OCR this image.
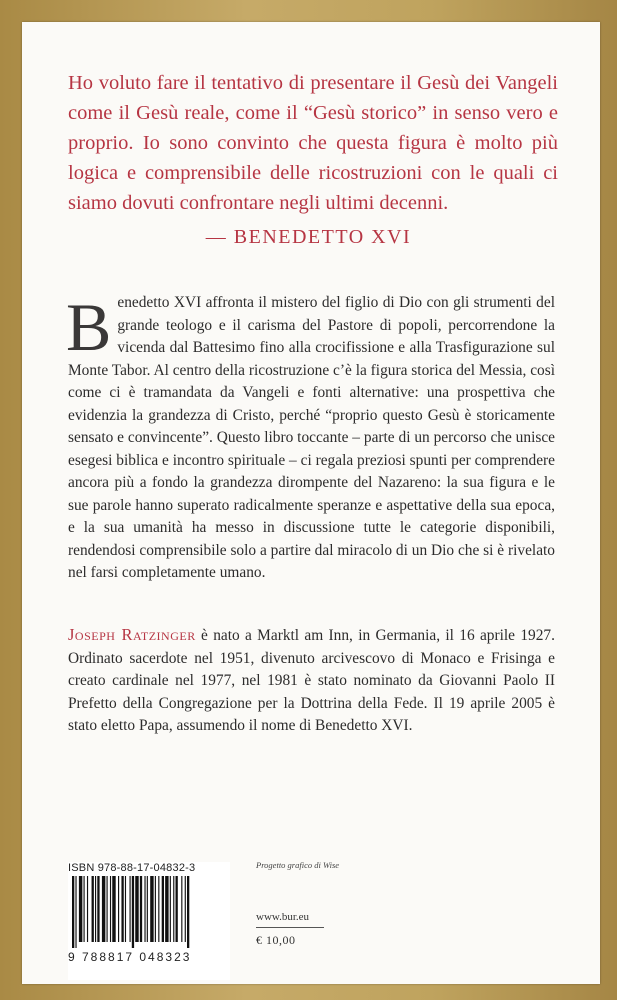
Ho voluto fare il tentativo di presentare il Gesù dei Vangeli come il Gesù reale, come il “Gesù storico” in senso vero e proprio. Io sono convinto che questa figura è molto più logica e comprensibile delle ricostruzioni con le quali ci siamo dovuti confrontare negli ultimi decenni.
— BENEDETTO XVI
Benedetto XVI affronta il mistero del figlio di Dio con gli strumenti del grande teologo e il carisma del Pastore di popoli, percorrendone la vicenda dal Battesimo fino alla crocifissione e alla Trasfigurazione sul Monte Tabor. Al centro della ricostruzione c’è la figura storica del Messia, così come ci è tramandata da Vangeli e fonti alternative: una prospettiva che evidenzia la grandezza di Cristo, perché “proprio questo Gesù è storicamente sensato e convincente”. Questo libro toccante – parte di un percorso che unisce esegesi biblica e incontro spirituale – ci regala preziosi spunti per comprendere ancora più a fondo la grandezza dirompente del Nazareno: la sua figura e le sue parole hanno superato radicalmente speranze e aspettative della sua epoca, e la sua umanità ha messo in discussione tutte le categorie disponibili, rendendosi comprensibile solo a partire dal miracolo di un Dio che si è rivelato nel farsi completamente umano.
Joseph Ratzinger è nato a Marktl am Inn, in Germania, il 16 aprile 1927. Ordinato sacerdote nel 1951, divenuto arcivescovo di Monaco e Frisinga e creato cardinale nel 1977, nel 1981 è stato nominato da Giovanni Paolo II Prefetto della Congregazione per la Dottrina della Fede. Il 19 aprile 2005 è stato eletto Papa, assumendo il nome di Benedetto XVI.
ISBN 978-88-17-04832-3
9 788817 048323
Progetto grafico di Wise
www.bur.eu
€ 10,00
